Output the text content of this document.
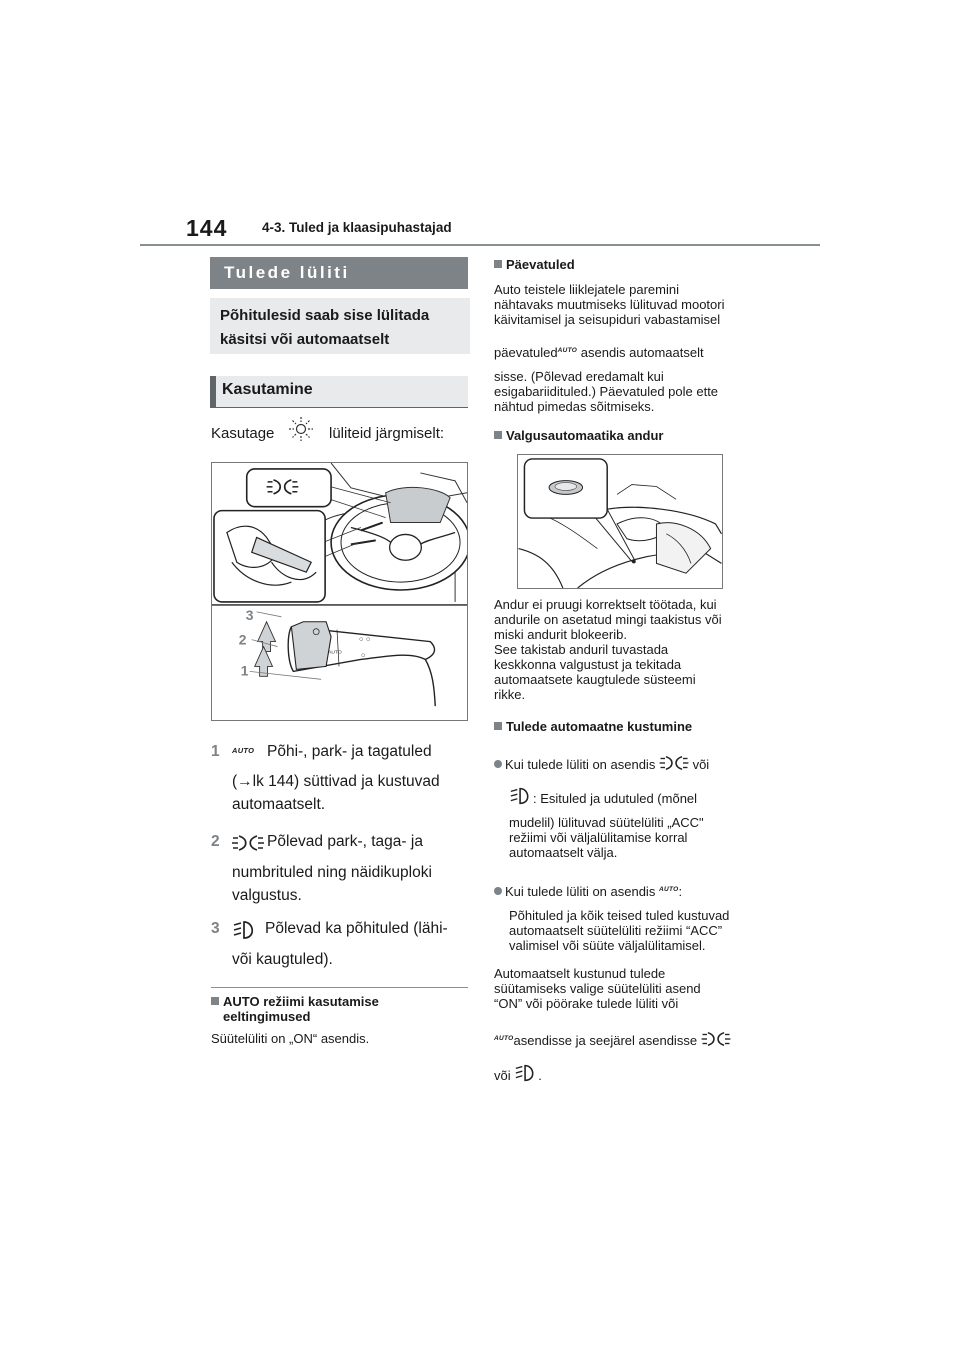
144	4-3. Tuled ja klaasipuhastajad
Tulede lüliti
Põhitulesid saab sise lülitada
käsitsi või automaatselt
Kasutamine
Kasutage	lüliteid järgmiselt:
AUTO
○ ○
○
3
2
1
1 AUTO Põhi-, park- ja tagatuled
(→lk 144) süttivad ja kustuvad
automaatselt.
2	Põlevad park-, taga- ja
numbrituled ning näidikuploki
valgustus.
3	Põlevad ka põhituled (lähi-
või kaugtuled).
AUTO režiimi kasutamise
eeltingimused
Süütelüliti on „ON“ asendis.
Päevatuled
Auto teistele liiklejatele paremini
nähtavaks muutmiseks lülituvad mootori
käivitamisel ja seisupiduri vabastamisel
päevatuledAUTO asendis automaatselt
sisse. (Põlevad eredamalt kui
esigabariidituled.) Päevatuled pole ette
nähtud pimedas sõitmiseks.
Valgusautomaatika andur
Andur ei pruugi korrektselt töötada, kui
andurile on asetatud mingi taakistus või
miski andurit blokeerib.
See takistab anduril tuvastada
keskkonna valgustust ja tekitada
automaatsete kaugtulede süsteemi
rikke.
Tulede automaatne kustumine
Kui tulede lüliti on asendis	või
: Esituled ja udutuled (mõnel
mudelil) lülituvad süütelüliti „ACC"
režiimi või väljalülitamise korral
automaatselt välja.
Kui tulede lüliti on asendis AUTO:
Põhituled ja kõik teised tuled kustuvad
automaatselt süütelüliti režiimi “ACC”
valimisel või süüte väljalülitamisel.
Automaatselt kustunud tulede
süütamiseks valige süütelüliti asend
“ON” või pöörake tulede lüliti või
AUTOasendisse ja seejärel asendisse
või .
